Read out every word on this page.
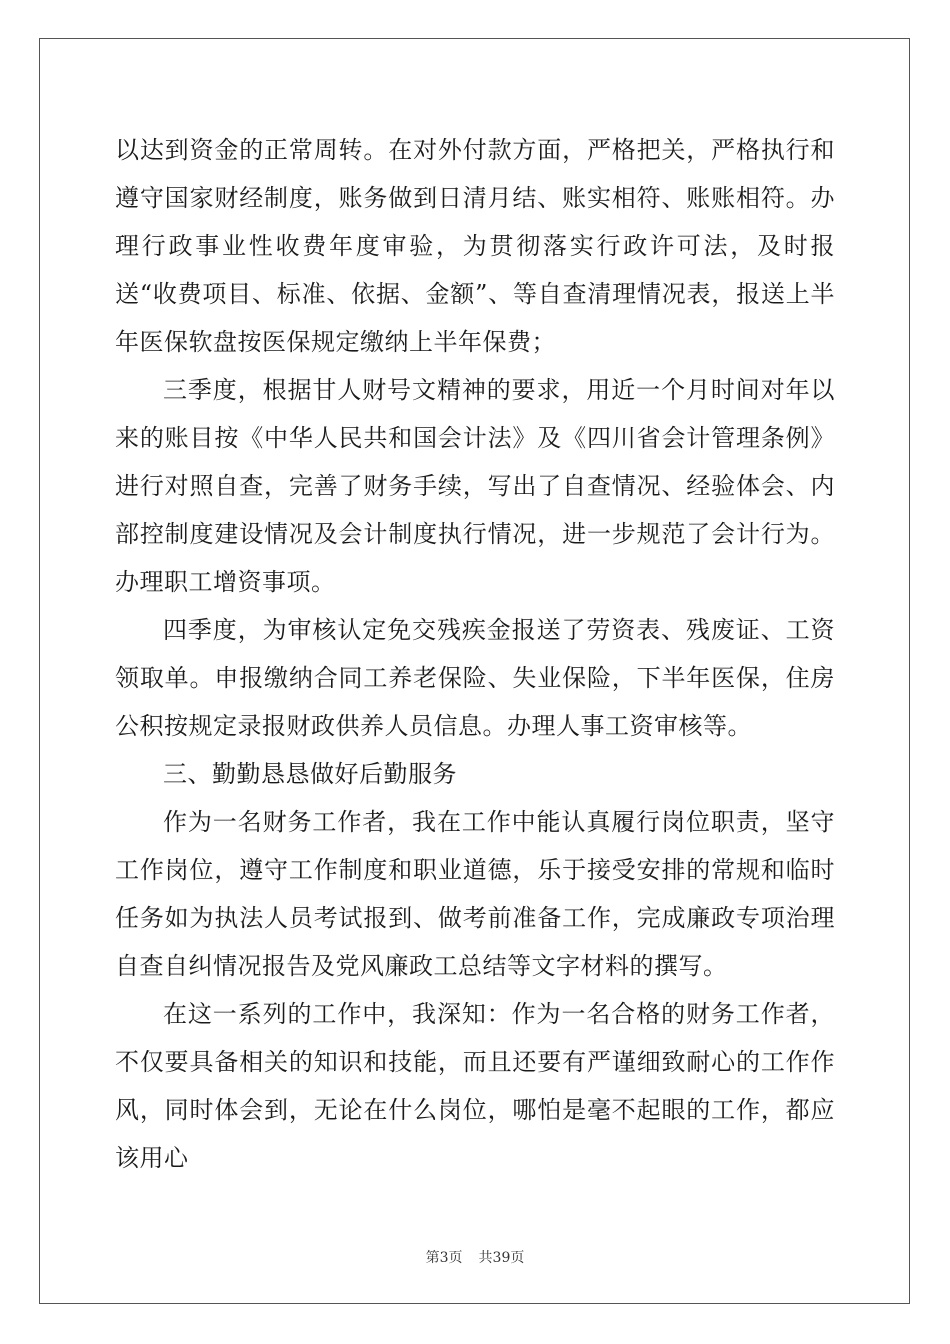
以达到资金的正常周转。在对外付款方面，严格把关，严格执行和遵守国家财经制度，账务做到日清月结、账实相符、账账相符。办理行政事业性收费年度审验，为贯彻落实行政许可法，及时报送“收费项目、标准、依据、金额”、等自查清理情况表，报送上半年医保软盘按医保规定缴纳上半年保费；

三季度，根据甘人财号文精神的要求，用近一个月时间对年以来的账目按《中华人民共和国会计法》及《四川省会计管理条例》进行对照自查，完善了财务手续，写出了自查情况、经验体会、内部控制度建设情况及会计制度执行情况，进一步规范了会计行为。办理职工增资事项。

四季度，为审核认定免交残疾金报送了劳资表、残废证、工资领取单。申报缴纳合同工养老保险、失业保险，下半年医保，住房公积按规定录报财政供养人员信息。办理人事工资审核等。

三、勤勤恳恳做好后勤服务

作为一名财务工作者，我在工作中能认真履行岗位职责，坚守工作岗位，遵守工作制度和职业道德，乐于接受安排的常规和临时任务如为执法人员考试报到、做考前准备工作，完成廉政专项治理自查自纠情况报告及党风廉政工总结等文字材料的撰写。

在这一系列的工作中，我深知：作为一名合格的财务工作者，不仅要具备相关的知识和技能，而且还要有严谨细致耐心的工作作风，同时体会到，无论在什么岗位，哪怕是毫不起眼的工作，都应该用心

第3页 共39页
